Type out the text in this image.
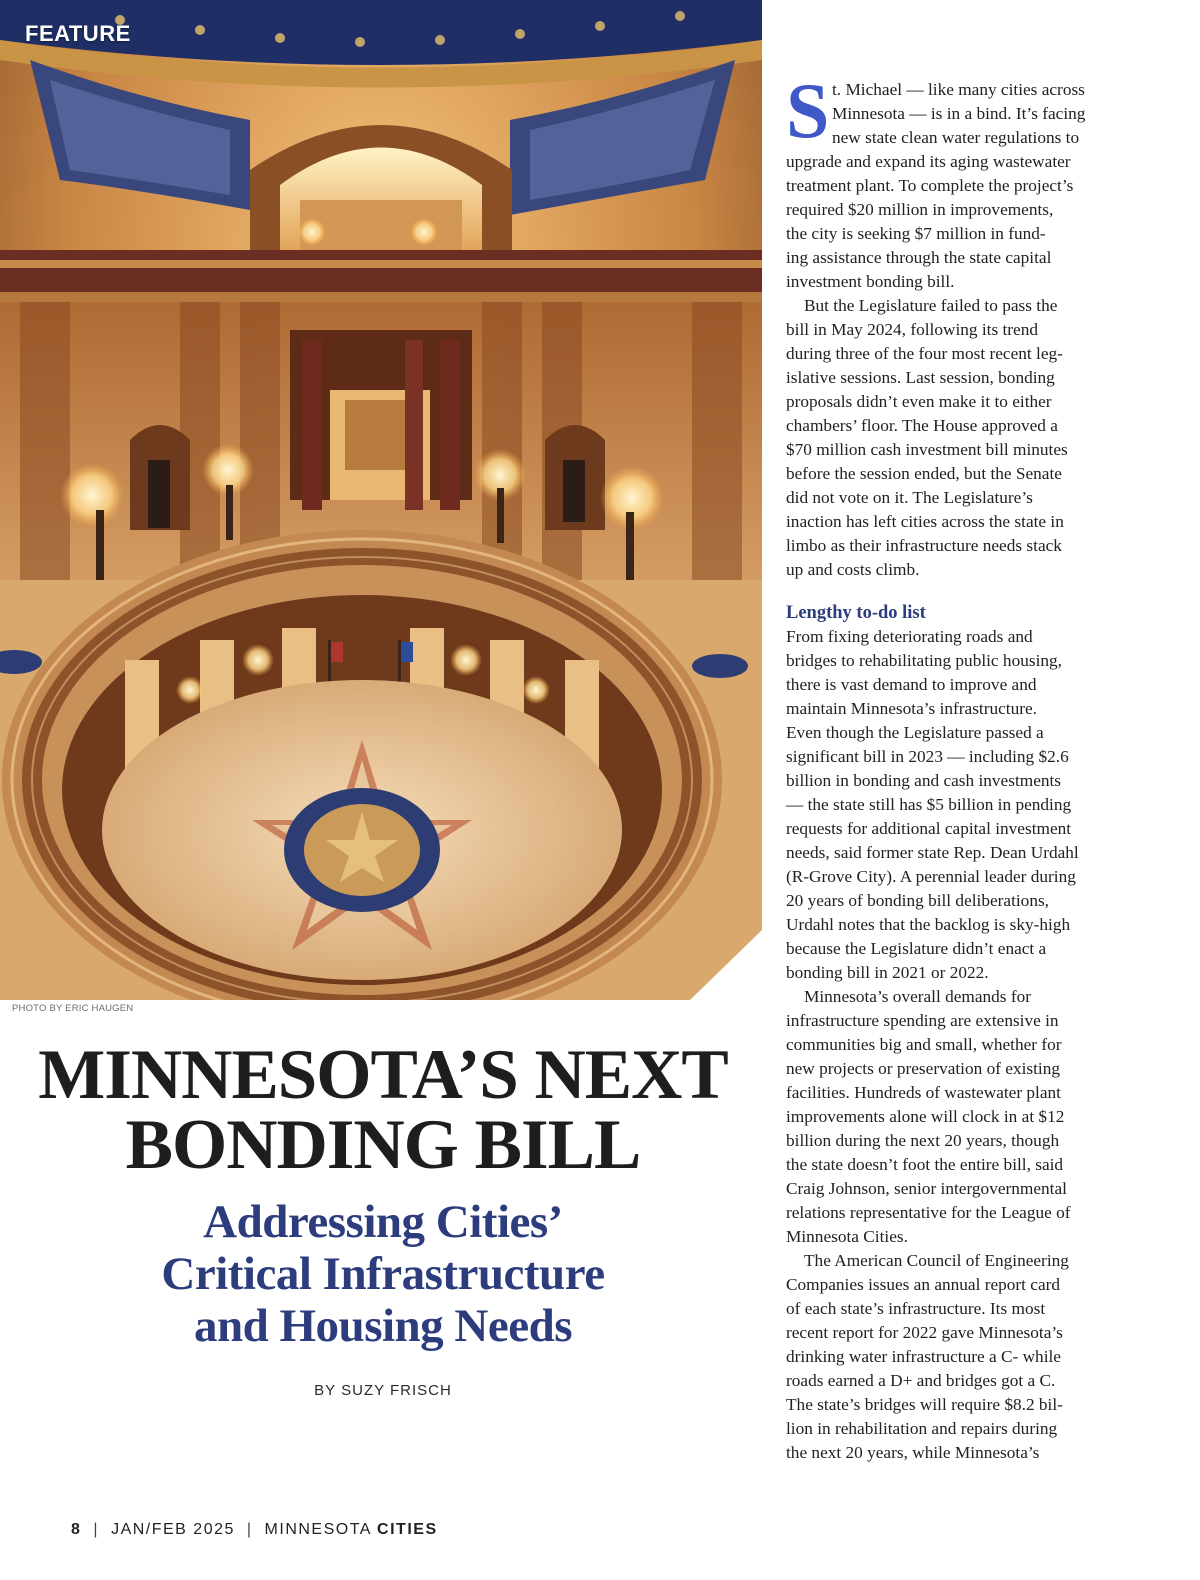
FEATURE
PHOTO BY ERIC HAUGEN
MINNESOTA’S NEXT
BONDING BILL
Addressing Cities’
Critical Infrastructure
and Housing Needs
BY SUZY FRISCH
S t. Michael — like many cities across
Minnesota — is in a bind. It’s facing
new state clean water regulations to
upgrade and expand its aging wastewater
treatment plant. To complete the project’s
required $20 million in improvements,
the city is seeking $7 million in fund-
ing assistance through the state capital
investment bonding bill.
But the Legislature failed to pass the
bill in May 2024, following its trend
during three of the four most recent leg-
islative sessions. Last session, bonding
proposals didn’t even make it to either
chambers’ floor. The House approved a
$70 million cash investment bill minutes
before the session ended, but the Senate
did not vote on it. The Legislature’s
inaction has left cities across the state in
limbo as their infrastructure needs stack
up and costs climb.
Lengthy to-do list
From fixing deteriorating roads and
bridges to rehabilitating public housing,
there is vast demand to improve and
maintain Minnesota’s infrastructure.
Even though the Legislature passed a
significant bill in 2023 — including $2.6
billion in bonding and cash investments
— the state still has $5 billion in pending
requests for additional capital investment
needs, said former state Rep. Dean Urdahl
(R-Grove City). A perennial leader during
20 years of bonding bill deliberations,
Urdahl notes that the backlog is sky-high
because the Legislature didn’t enact a
bonding bill in 2021 or 2022.
Minnesota’s overall demands for
infrastructure spending are extensive in
communities big and small, whether for
new projects or preservation of existing
facilities. Hundreds of wastewater plant
improvements alone will clock in at $12
billion during the next 20 years, though
the state doesn’t foot the entire bill, said
Craig Johnson, senior intergovernmental
relations representative for the League of
Minnesota Cities.
The American Council of Engineering
Companies issues an annual report card
of each state’s infrastructure. Its most
recent report for 2022 gave Minnesota’s
drinking water infrastructure a C- while
roads earned a D+ and bridges got a C.
The state’s bridges will require $8.2 bil-
lion in rehabilitation and repairs during
the next 20 years, while Minnesota’s
8 | JAN/FEB 2025 | MINNESOTA CITIES
